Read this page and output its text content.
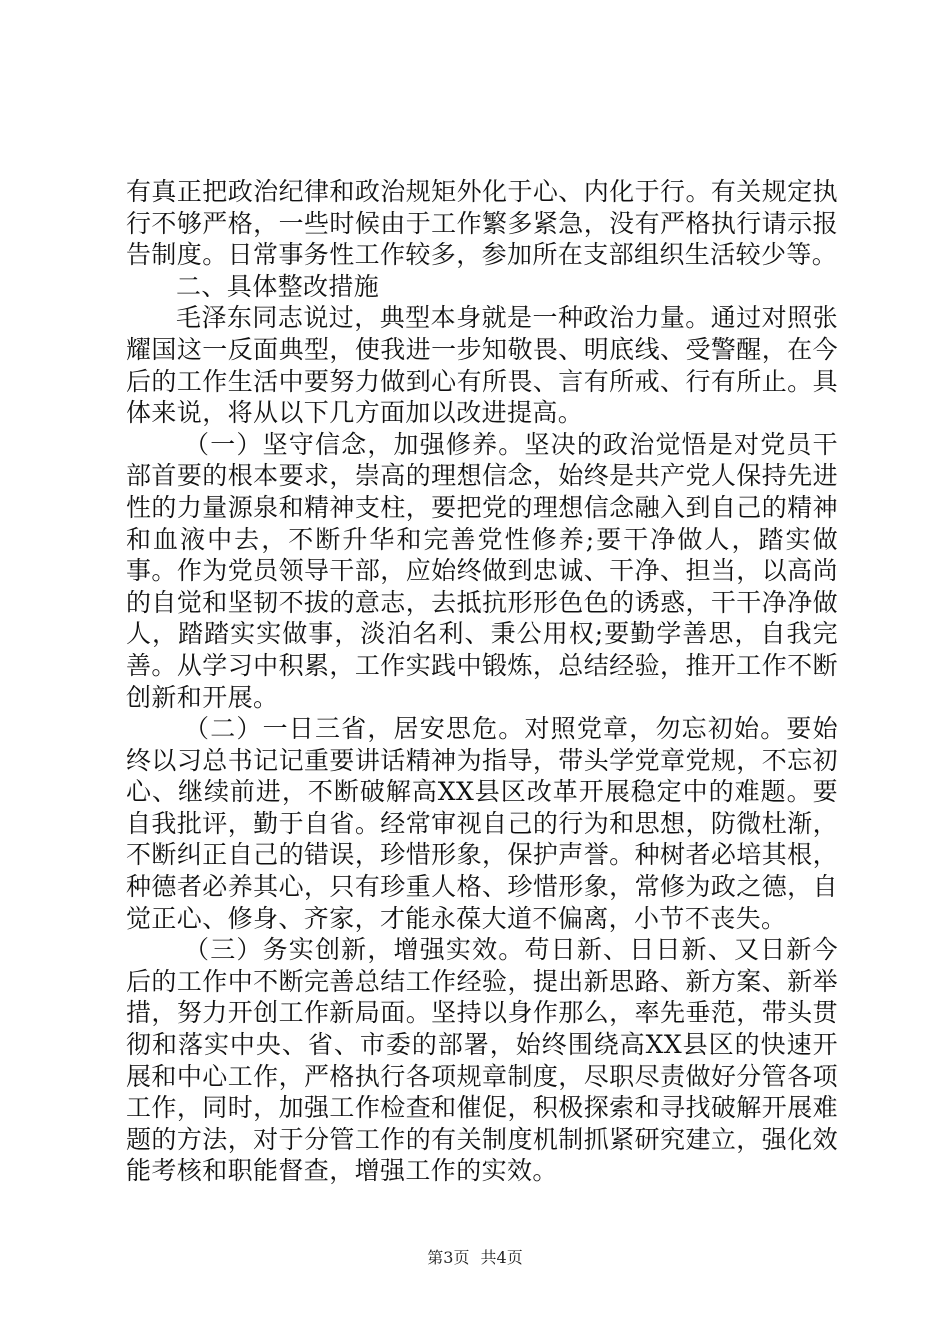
有真正把政治纪律和政治规矩外化于心、内化于行。有关规定执行不够严格，一些时候由于工作繁多紧急，没有严格执行请示报告制度。日常事务性工作较多，参加所在支部组织生活较少等。

二、具体整改措施

毛泽东同志说过，典型本身就是一种政治力量。通过对照张耀国这一反面典型，使我进一步知敬畏、明底线、受警醒，在今后的工作生活中要努力做到心有所畏、言有所戒、行有所止。具体来说，将从以下几方面加以改进提高。

（一）坚守信念，加强修养。坚决的政治觉悟是对党员干部首要的根本要求，崇高的理想信念，始终是共产党人保持先进性的力量源泉和精神支柱，要把党的理想信念融入到自己的精神和血液中去，不断升华和完善党性修养;要干净做人，踏实做事。作为党员领导干部，应始终做到忠诚、干净、担当，以高尚的自觉和坚韧不拔的意志，去抵抗形形色色的诱惑，干干净净做人，踏踏实实做事，淡泊名利、秉公用权;要勤学善思，自我完善。从学习中积累，工作实践中锻炼，总结经验，推开工作不断创新和开展。

（二）一日三省，居安思危。对照党章，勿忘初始。要始终以习总书记记重要讲话精神为指导，带头学党章党规，不忘初心、继续前进，不断破解高XX县区改革开展稳定中的难题。要自我批评，勤于自省。经常审视自己的行为和思想，防微杜渐，不断纠正自己的错误，珍惜形象，保护声誉。种树者必培其根，种德者必养其心，只有珍重人格、珍惜形象，常修为政之德，自觉正心、修身、齐家，才能永葆大道不偏离，小节不丧失。

（三）务实创新，增强实效。苟日新、日日新、又日新今后的工作中不断完善总结工作经验，提出新思路、新方案、新举措，努力开创工作新局面。坚持以身作那么，率先垂范，带头贯彻和落实中央、省、市委的部署，始终围绕高XX县区的快速开展和中心工作，严格执行各项规章制度，尽职尽责做好分管各项工作，同时，加强工作检查和催促，积极探索和寻找破解开展难题的方法，对于分管工作的有关制度机制抓紧研究建立，强化效能考核和职能督查，增强工作的实效。

第3页 共4页
